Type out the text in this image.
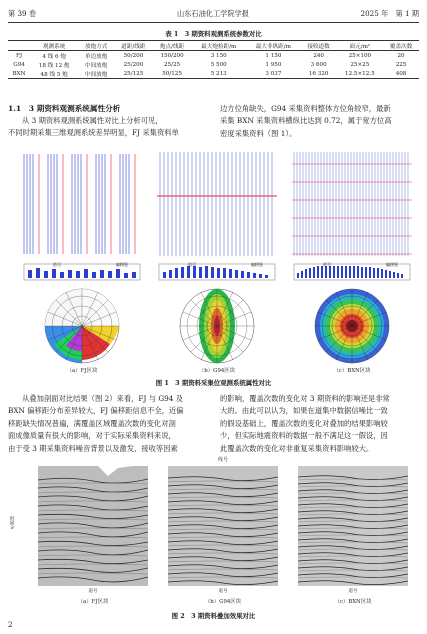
第 39 卷	山东石油化工学院学报	2025 年　第 1 期
表 1　3 期资料观测系统参数对比
	观测系统	放炮方式	道距/线距	炮点/线距	最大炮检距/m	最大非纵距/m	接收道数	面元/m²	覆盖次数
FJ	4 线 6 炮	单边放炮	50/200	150/200	3 150	1 150	240	25×100	20
G94	18 线 12 炮	中间放炮	25/200	25/25	5 500	1 950	3 600	25×25	225
BXN	48 线 5 炮	中间放炮	25/125	50/125	5 213	3 037	16 320	12.5×12.5	408
1.1　3 期资料观测系统属性分析
从 3 期资料观测系统属性对比上分析可见，
不同时期采集三维观测系统差异明显，FJ 采集资料单
边方位角缺失，G94 采集资料整体方位角较窄，最新
采集 BXN 采集资料横纵比达到 0.72，属于宽方位高
密度采集资料（图 1）。
道号	偏移距
（a）FJ区块
道号	偏移距
（b）G94区块
道号	偏移距
（c）BXN区块
图 1　3 期资料采集位观测系统属性对比
从叠加剖面对比结果（图 2）来看，FJ 与 G94 及
BXN 偏移距分布差异较大，FJ 偏移距信息不全，近偏
移距缺失情况普遍，满覆盖区域覆盖次数的变化对剖
面成像质量有很大的影响，对于实际采集资料来说，
由于受 3 期采集资料噪音背景以及激发、接收等因素
的影响，覆盖次数的变化对 3 期资料的影响还是非常
大的。由此可以认为，如果在道集中数据信噪比一致
的假设基础上，覆盖次数的变化对叠加的结果影响较
少，但实际地震资料的数据一般不满足这一假设，因
此覆盖次数的变化对非重复采集资料影响较大。
线号
时间/s
道号	道号	道号
（a）FJ区块	（b）G94区块	（c）BXN区块
图 2　3 期资料叠加效果对比
2
